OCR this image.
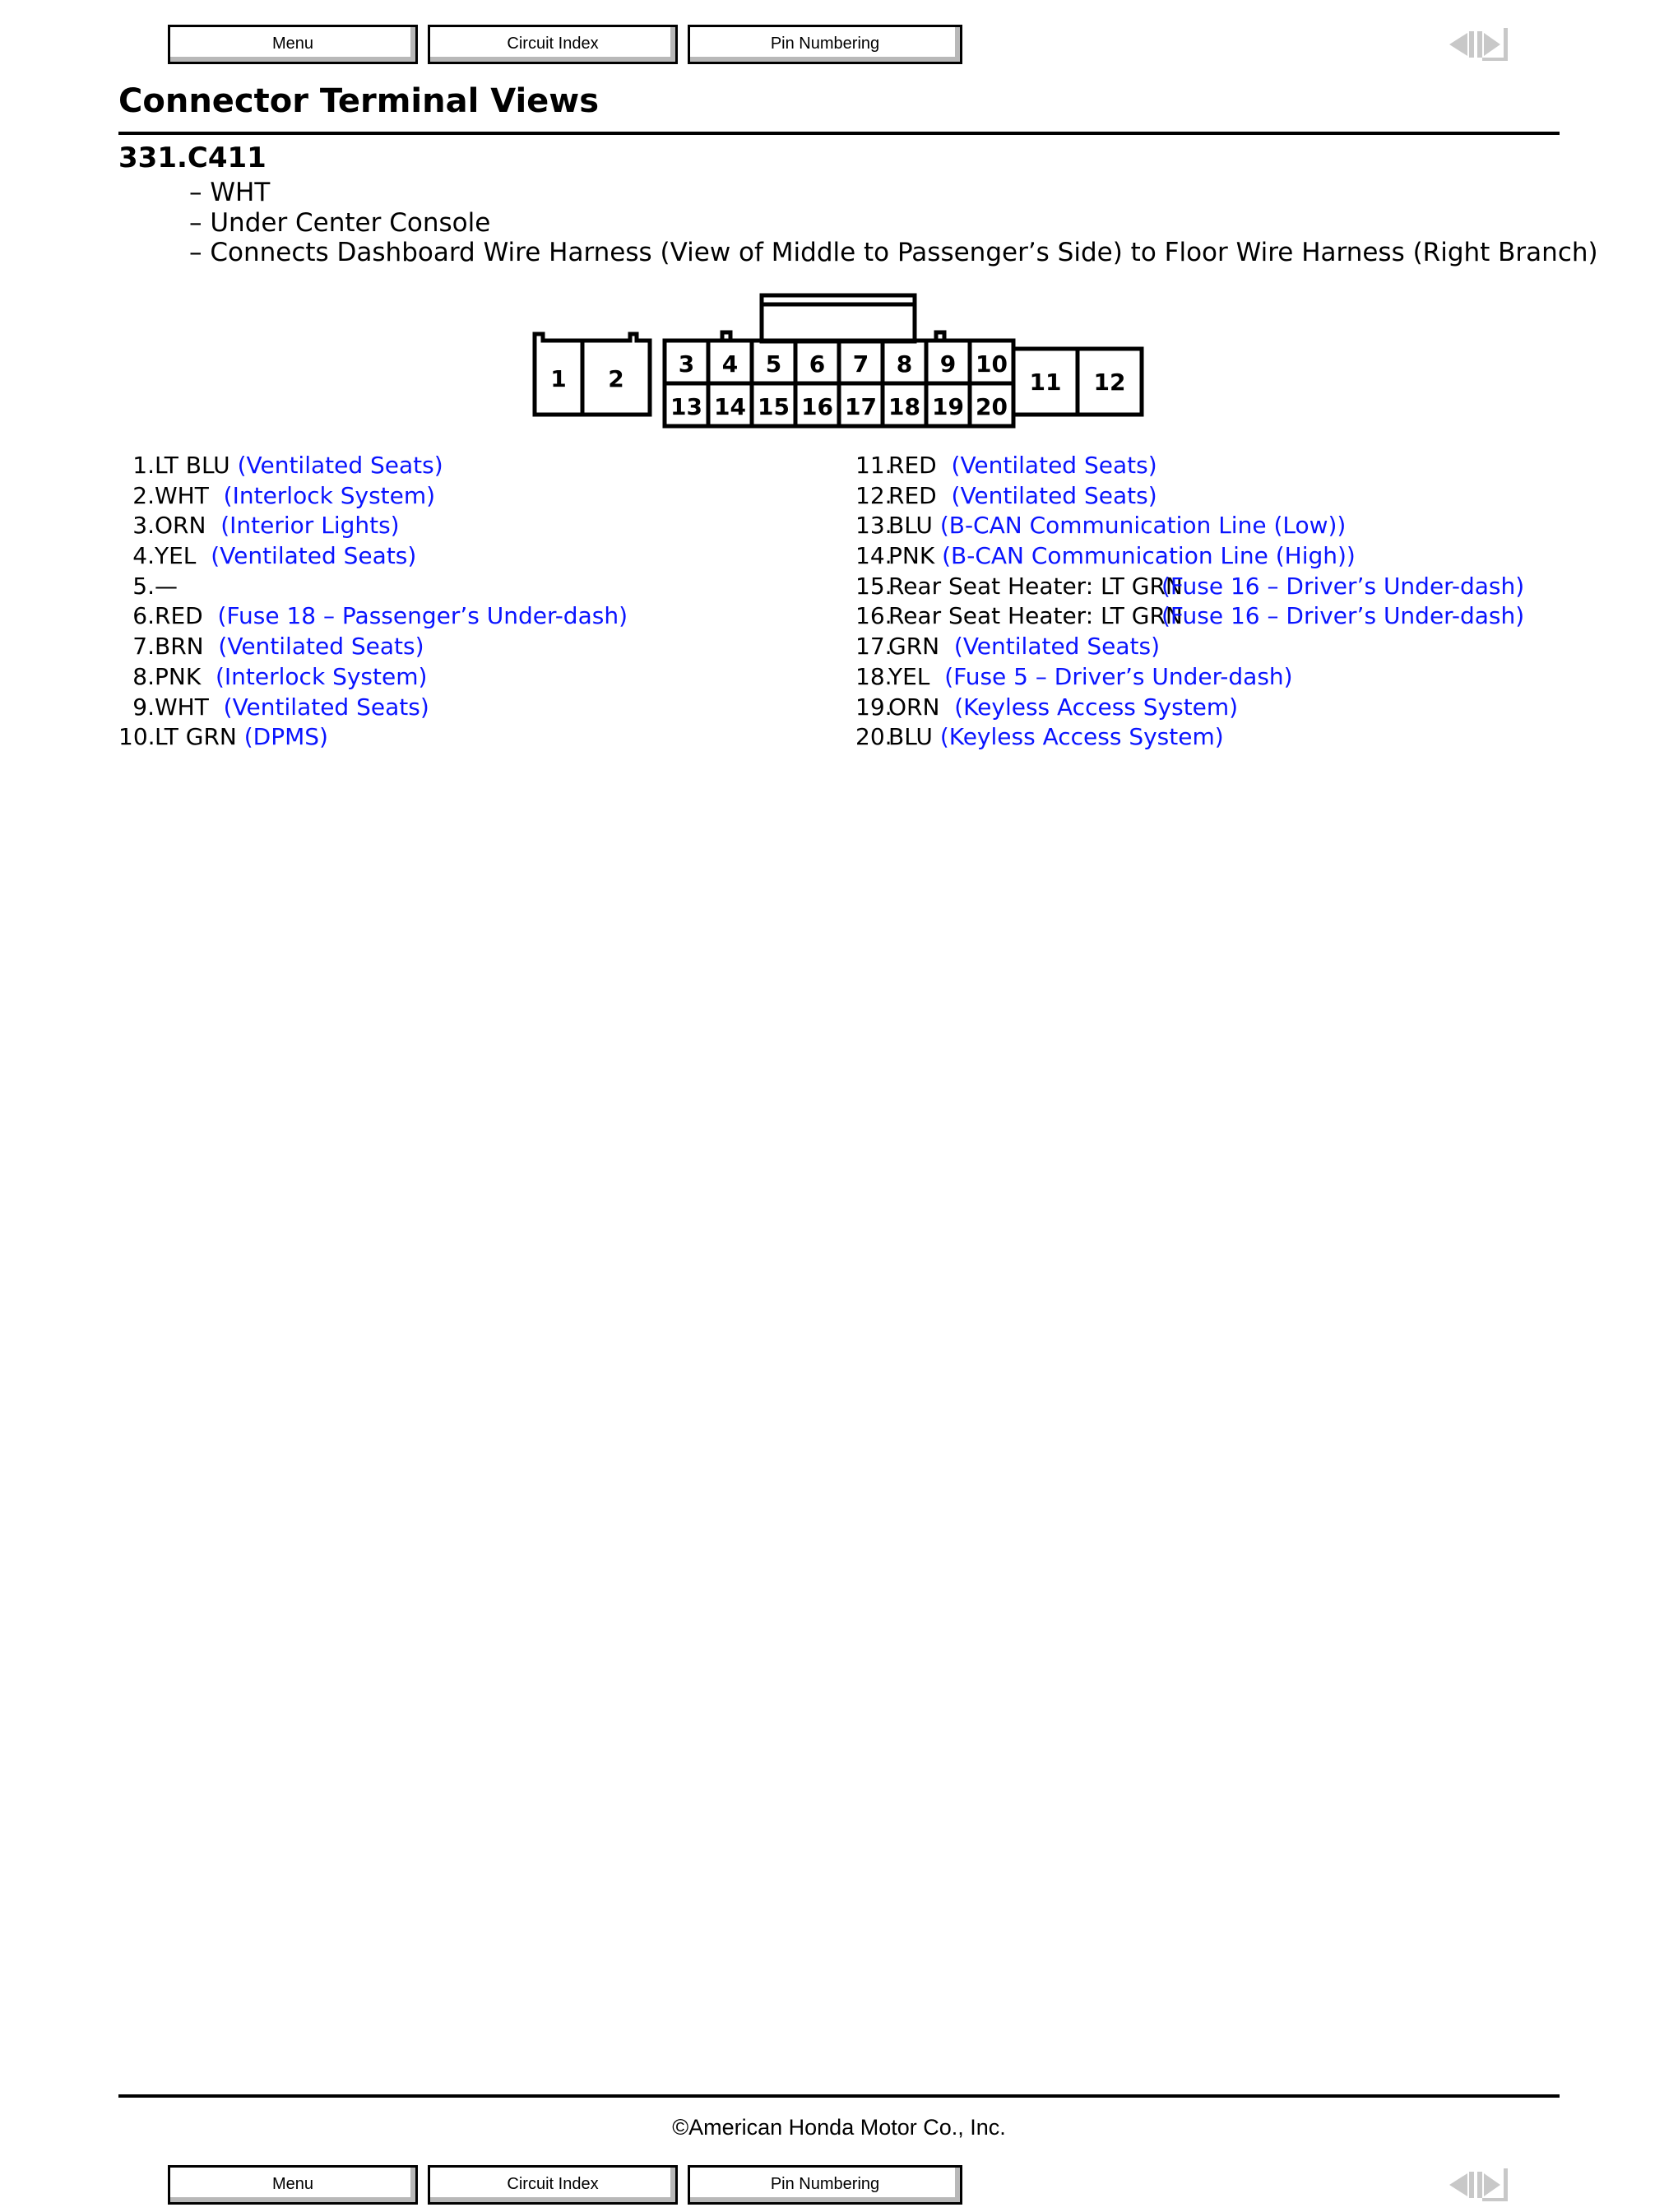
Menu	Circuit Index	Pin Numbering
Connector Terminal Views
331.C411
– WHT
– Under Center Console
– Connects Dashboard Wire Harness (View of Middle to Passenger’s Side) to Floor Wire Harness (Right Branch)
1 2	11 12
3 4 5 6 7 8 9 10
13 14 15 16 17 18 19 20
1.LT BLU (Ventilated Seats)
2.WHT  (Interlock System)
3.ORN  (Interior Lights)
4.YEL  (Ventilated Seats)
5.—
6.RED  (Fuse 18 – Passenger’s Under-dash)
7.BRN  (Ventilated Seats)
8.PNK  (Interlock System)
9.WHT  (Ventilated Seats)
10.LT GRN (DPMS)
11.RED  (Ventilated Seats)
12.RED  (Ventilated Seats)
13.BLU (B-CAN Communication Line (Low))
14.PNK (B-CAN Communication Line (High))
15.Rear Seat Heater: LT GRN
(Fuse 16 – Driver’s Under-dash)
16.Rear Seat Heater: LT GRN
(Fuse 16 – Driver’s Under-dash)
17.GRN  (Ventilated Seats)
18.YEL  (Fuse 5 – Driver’s Under-dash)
19.ORN  (Keyless Access System)
20.BLU (Keyless Access System)
©American Honda Motor Co., Inc.
Menu	Circuit Index	Pin Numbering
